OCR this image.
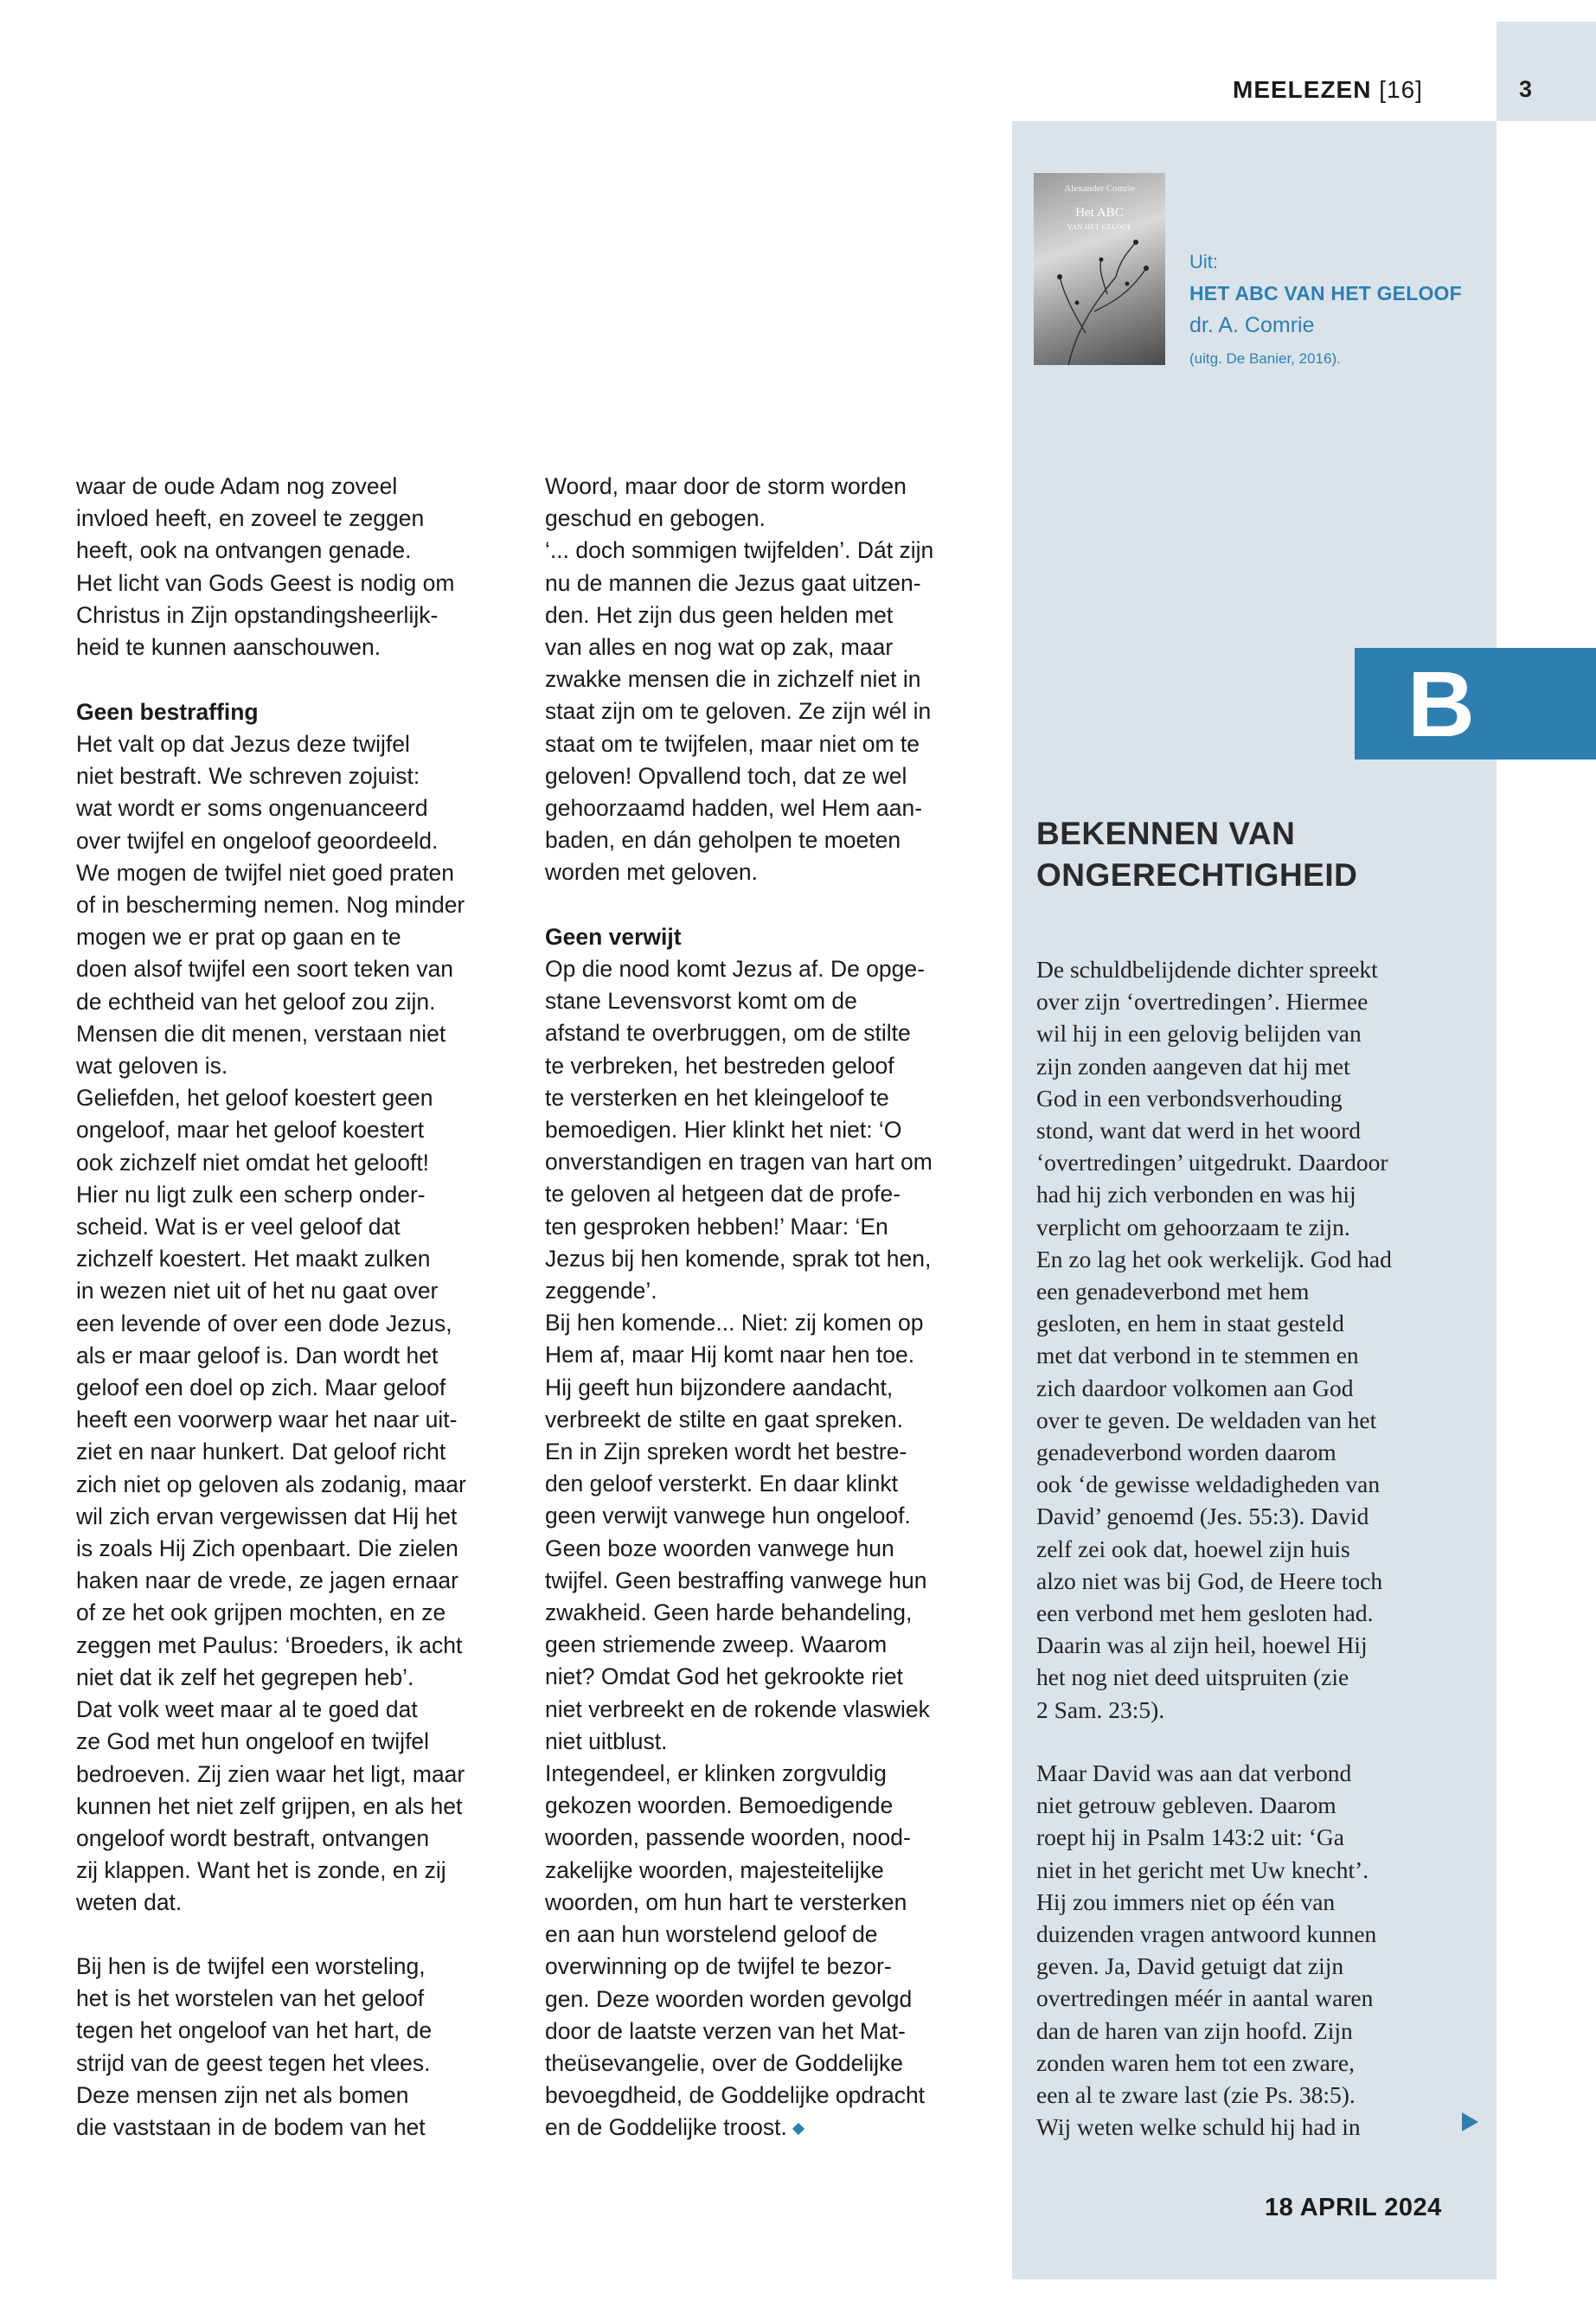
MEELEZEN [16]	3
Alexander Comrie
Het ABC
VAN HET GELOOF
Uit:
HET ABC VAN HET GELOOF
dr. A. Comrie
(uitg. De Banier, 2016).
B
BEKENNEN VAN
ONGERECHTIGHEID
De schuldbelijdende dichter spreekt
over zijn ‘overtredingen’. Hiermee
wil hij in een gelovig belijden van
zijn zonden aangeven dat hij met
God in een verbondsverhouding
stond, want dat werd in het woord
‘overtredingen’ uitgedrukt. Daardoor
had hij zich verbonden en was hij
verplicht om gehoorzaam te zijn.
En zo lag het ook werkelijk. God had
een genadeverbond met hem
gesloten, en hem in staat gesteld
met dat verbond in te stemmen en
zich daardoor volkomen aan God
over te geven. De weldaden van het
genadeverbond worden daarom
ook ‘de gewisse weldadigheden van
David’ genoemd (Jes. 55:3). David
zelf zei ook dat, hoewel zijn huis
alzo niet was bij God, de Heere toch
een verbond met hem gesloten had.
Daarin was al zijn heil, hoewel Hij
het nog niet deed uitspruiten (zie
2 Sam. 23:5).
Maar David was aan dat verbond
niet getrouw gebleven. Daarom
roept hij in Psalm 143:2 uit: ‘Ga
niet in het gericht met Uw knecht’.
Hij zou immers niet op één van
duizenden vragen antwoord kunnen
geven. Ja, David getuigt dat zijn
overtredingen méér in aantal waren
dan de haren van zijn hoofd. Zijn
zonden waren hem tot een zware,
een al te zware last (zie Ps. 38:5).
Wij weten welke schuld hij had in
18 APRIL 2024
waar de oude Adam nog zoveel
invloed heeft, en zoveel te zeggen
heeft, ook na ontvangen genade.
Het licht van Gods Geest is nodig om
Christus in Zijn opstandingsheerlijk-
heid te kunnen aanschouwen.
Geen bestraffing
Het valt op dat Jezus deze twijfel
niet bestraft. We schreven zojuist:
wat wordt er soms ongenuanceerd
over twijfel en ongeloof geoordeeld.
We mogen de twijfel niet goed praten
of in bescherming nemen. Nog minder
mogen we er prat op gaan en te
doen alsof twijfel een soort teken van
de echtheid van het geloof zou zijn.
Mensen die dit menen, verstaan niet
wat geloven is.
Geliefden, het geloof koestert geen
ongeloof, maar het geloof koestert
ook zichzelf niet omdat het gelooft!
Hier nu ligt zulk een scherp onder-
scheid. Wat is er veel geloof dat
zichzelf koestert. Het maakt zulken
in wezen niet uit of het nu gaat over
een levende of over een dode Jezus,
als er maar geloof is. Dan wordt het
geloof een doel op zich. Maar geloof
heeft een voorwerp waar het naar uit-
ziet en naar hunkert. Dat geloof richt
zich niet op geloven als zodanig, maar
wil zich ervan vergewissen dat Hij het
is zoals Hij Zich openbaart. Die zielen
haken naar de vrede, ze jagen ernaar
of ze het ook grijpen mochten, en ze
zeggen met Paulus: ‘Broeders, ik acht
niet dat ik zelf het gegrepen heb’.
Dat volk weet maar al te goed dat
ze God met hun ongeloof en twijfel
bedroeven. Zij zien waar het ligt, maar
kunnen het niet zelf grijpen, en als het
ongeloof wordt bestraft, ontvangen
zij klappen. Want het is zonde, en zij
weten dat.
Bij hen is de twijfel een worsteling,
het is het worstelen van het geloof
tegen het ongeloof van het hart, de
strijd van de geest tegen het vlees.
Deze mensen zijn net als bomen
die vaststaan in de bodem van het
Woord, maar door de storm worden
geschud en gebogen.
‘... doch sommigen twijfelden’. Dát zijn
nu de mannen die Jezus gaat uitzen-
den. Het zijn dus geen helden met
van alles en nog wat op zak, maar
zwakke mensen die in zichzelf niet in
staat zijn om te geloven. Ze zijn wél in
staat om te twijfelen, maar niet om te
geloven! Opvallend toch, dat ze wel
gehoorzaamd hadden, wel Hem aan-
baden, en dán geholpen te moeten
worden met geloven.
Geen verwijt
Op die nood komt Jezus af. De opge-
stane Levensvorst komt om de
afstand te overbruggen, om de stilte
te verbreken, het bestreden geloof
te versterken en het kleingeloof te
bemoedigen. Hier klinkt het niet: ‘O
onverstandigen en tragen van hart om
te geloven al hetgeen dat de profe-
ten gesproken hebben!’ Maar: ‘En
Jezus bij hen komende, sprak tot hen,
zeggende’.
Bij hen komende... Niet: zij komen op
Hem af, maar Hij komt naar hen toe.
Hij geeft hun bijzondere aandacht,
verbreekt de stilte en gaat spreken.
En in Zijn spreken wordt het bestre-
den geloof versterkt. En daar klinkt
geen verwijt vanwege hun ongeloof.
Geen boze woorden vanwege hun
twijfel. Geen bestraffing vanwege hun
zwakheid. Geen harde behandeling,
geen striemende zweep. Waarom
niet? Omdat God het gekrookte riet
niet verbreekt en de rokende vlaswiek
niet uitblust.
Integendeel, er klinken zorgvuldig
gekozen woorden. Bemoedigende
woorden, passende woorden, nood-
zakelijke woorden, majesteitelijke
woorden, om hun hart te versterken
en aan hun worstelend geloof de
overwinning op de twijfel te bezor-
gen. Deze woorden worden gevolgd
door de laatste verzen van het Mat-
theüsevangelie, over de Goddelijke
bevoegdheid, de Goddelijke opdracht
en de Goddelijke troost.
